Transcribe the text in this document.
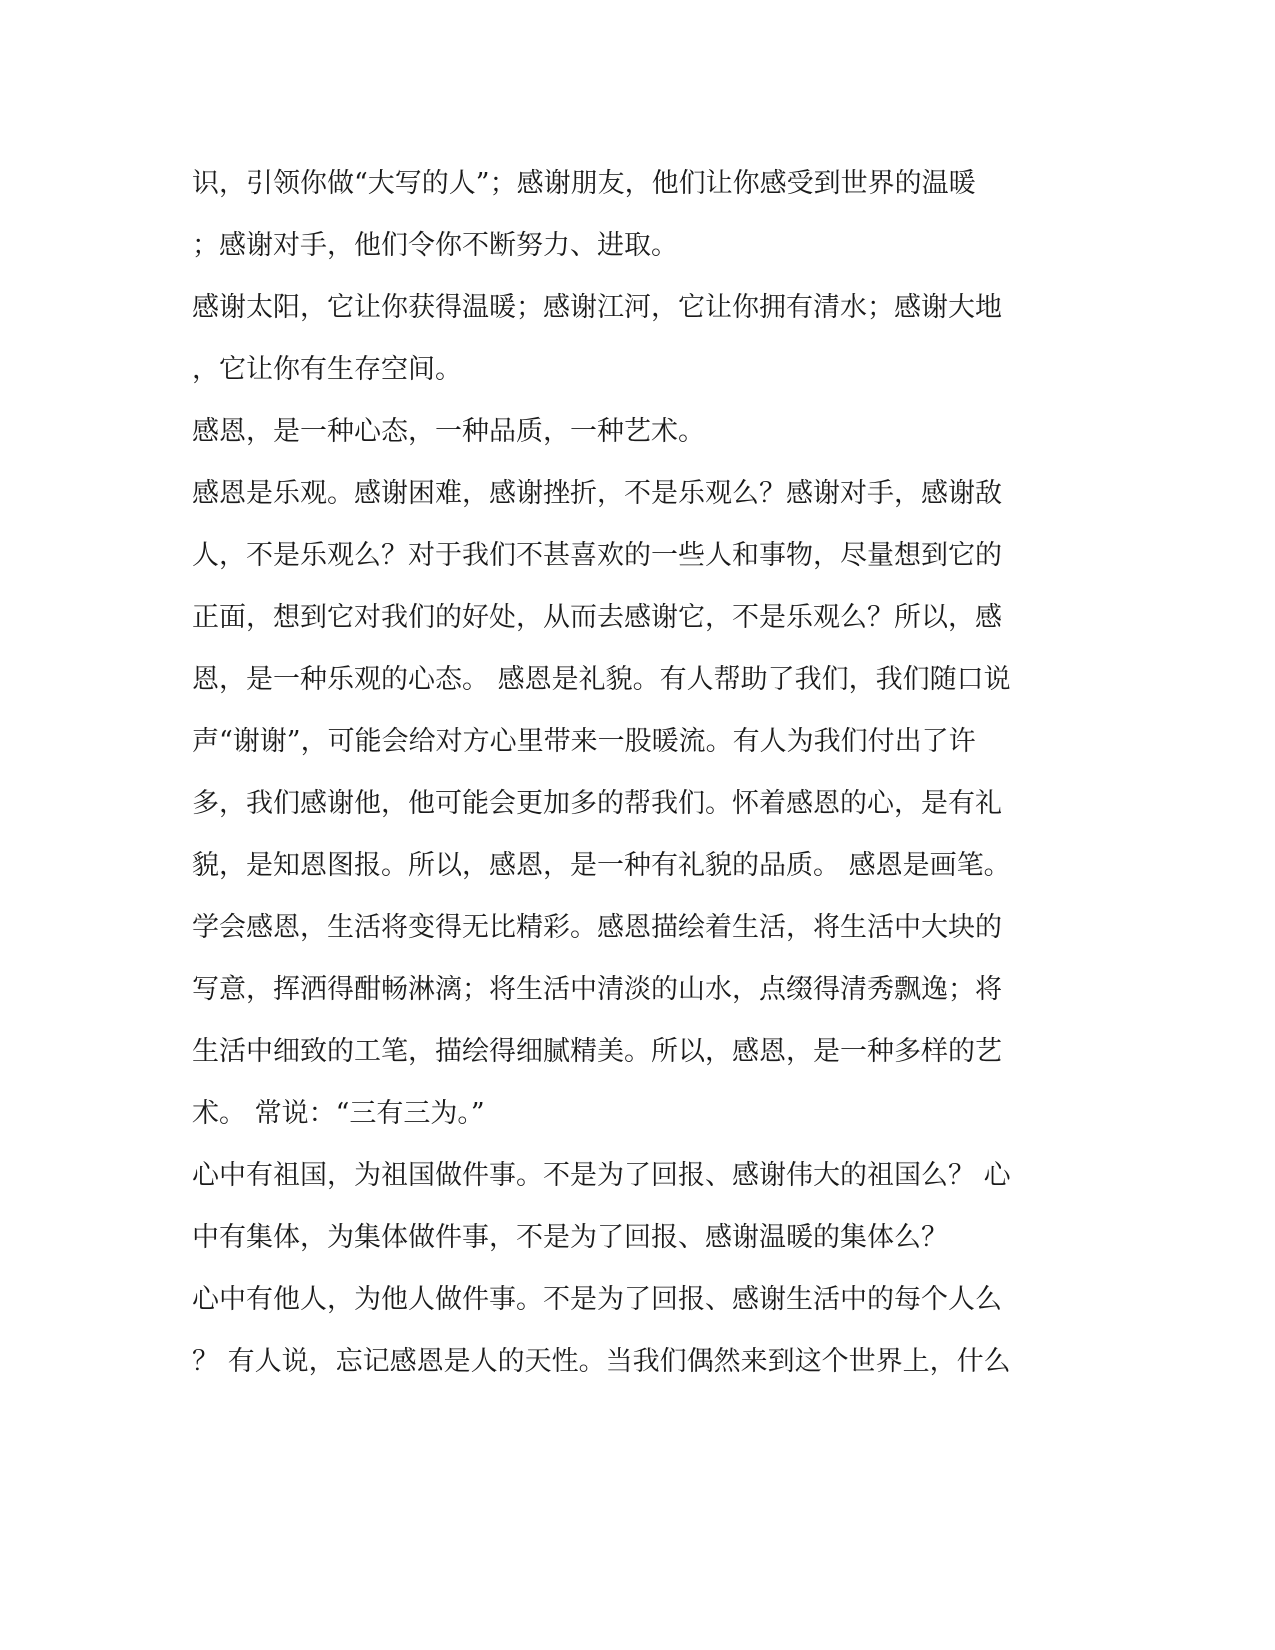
识，引领你做“大写的人”；感谢朋友，他们让你感受到世界的温暖
；感谢对手，他们令你不断努力、进取。
感谢太阳，它让你获得温暖；感谢江河，它让你拥有清水；感谢大地
，它让你有生存空间。
感恩，是一种心态，一种品质，一种艺术。
感恩是乐观。感谢困难，感谢挫折，不是乐观么？感谢对手，感谢敌
人，不是乐观么？对于我们不甚喜欢的一些人和事物，尽量想到它的
正面，想到它对我们的好处，从而去感谢它，不是乐观么？所以，感
恩，是一种乐观的心态。 感恩是礼貌。有人帮助了我们，我们随口说
声“谢谢”，可能会给对方心里带来一股暖流。有人为我们付出了许
多，我们感谢他，他可能会更加多的帮我们。怀着感恩的心，是有礼
貌，是知恩图报。所以，感恩，是一种有礼貌的品质。 感恩是画笔。
学会感恩，生活将变得无比精彩。感恩描绘着生活，将生活中大块的
写意，挥洒得酣畅淋漓；将生活中清淡的山水，点缀得清秀飘逸；将
生活中细致的工笔，描绘得细腻精美。所以，感恩，是一种多样的艺
术。 常说：“三有三为。”
心中有祖国，为祖国做件事。不是为了回报、感谢伟大的祖国么？ 心
中有集体，为集体做件事，不是为了回报、感谢温暖的集体么？
心中有他人，为他人做件事。不是为了回报、感谢生活中的每个人么
？ 有人说，忘记感恩是人的天性。当我们偶然来到这个世界上，什么
